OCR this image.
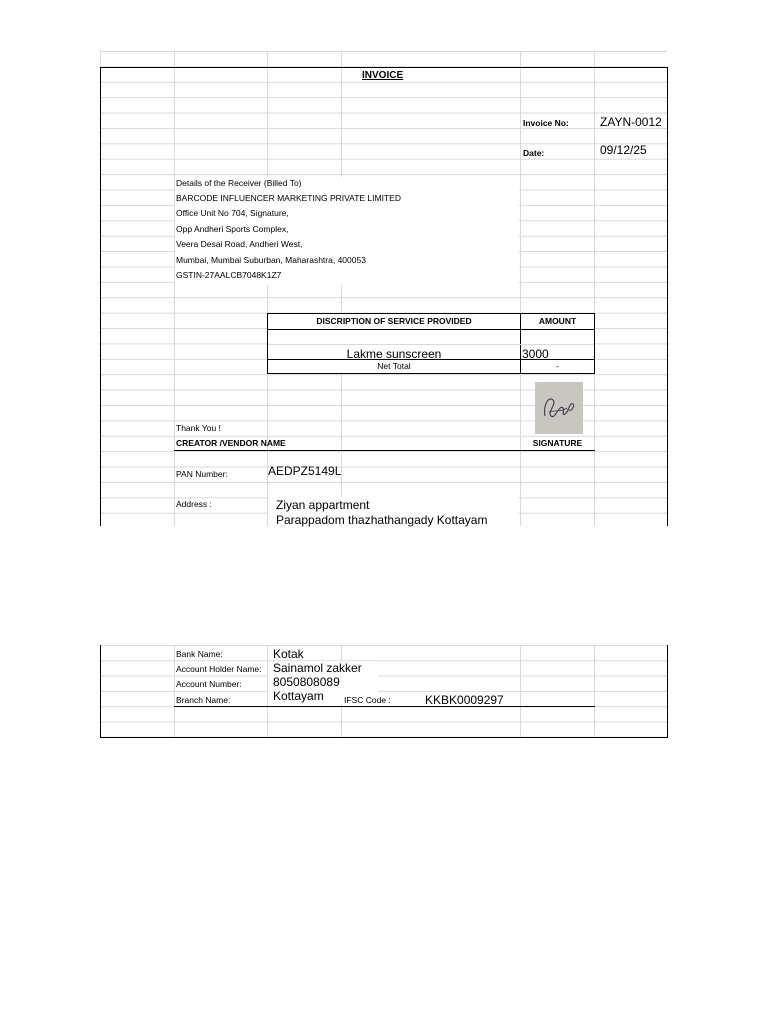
INVOICE
Invoice No:	ZAYN-0012
Date:	09/12/25
Details of the Receiver (Billed To)
BARCODE INFLUENCER MARKETING PRIVATE LIMITED
Office Unit No 704, Signature,
Opp Andheri Sports Complex,
Veera Desai Road, Andheri West,
Mumbai, Mumbai Suburban, Maharashtra, 400053
GSTIN-27AALCB7048K1Z7
DISCRIPTION OF SERVICE PROVIDED	AMOUNT
Lakme sunscreen	3000
Net Total	-
Thank You !
CREATOR /VENDOR NAME	SIGNATURE
PAN Number:	AEDPZ5149L
Address :	Ziyan appartment
Parappadom thazhathangady Kottayam
Bank Name:	Kotak
Account Holder Name: Sainamol zakker
Account Number:	8050808089
Branch Name:	Kottayam IFSC Code :	KKBK0009297
